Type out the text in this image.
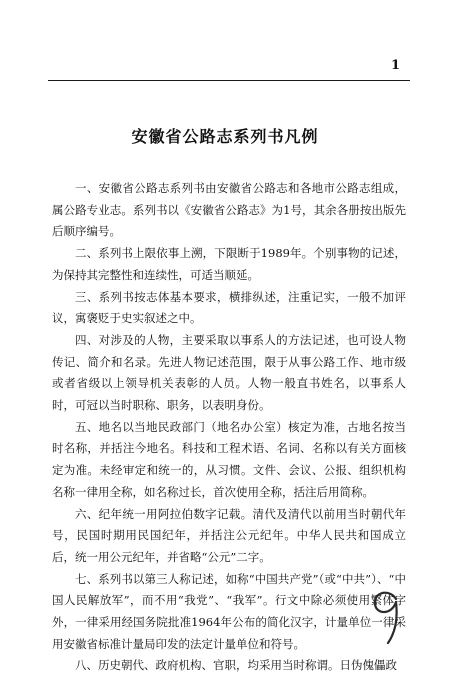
1
安徽省公路志系列书凡例

一、安徽省公路志系列书由安徽省公路志和各地市公路志组成，属公路专业志。系列书以《安徽省公路志》为1号，其余各册按出版先后顺序编号。

二、系列书上限依事上溯，下限断于1989年。个别事物的记述，为保持其完整性和连续性，可适当顺延。

三、系列书按志体基本要求，横排纵述，注重记实，一般不加评议，寓褒贬于史实叙述之中。

四、对涉及的人物，主要采取以事系人的方法记述，也可设人物传记、简介和名录。先进人物记述范围，限于从事公路工作、地市级或者省级以上领导机关表彰的人员。人物一般直书姓名，以事系人时，可冠以当时职称、职务，以表明身份。

五、地名以当地民政部门（地名办公室）核定为准，古地名按当时名称，并括注今地名。科技和工程术语、名词、名称以有关方面核定为准。未经审定和统一的，从习惯。文件、会议、公报、组织机构名称一律用全称，如名称过长，首次使用全称，括注后用简称。

六、纪年统一用阿拉伯数字记载。清代及清代以前用当时朝代年号，民国时期用民国纪年，并括注公元纪年。中华人民共和国成立后，统一用公元纪年，并省略“公元”二字。

七、系列书以第三人称记述，如称“中国共产党”（或“中共”）、“中国人民解放军”，而不用“我党”、“我军”。行文中除必须使用繁体字外，一律采用经国务院批准1964年公布的简化汉字，计量单位一律采用安徽省标准计量局印发的法定计量单位和符号。

八、历史朝代、政府机构、官职，均采用当时称谓。日伪傀儡政
